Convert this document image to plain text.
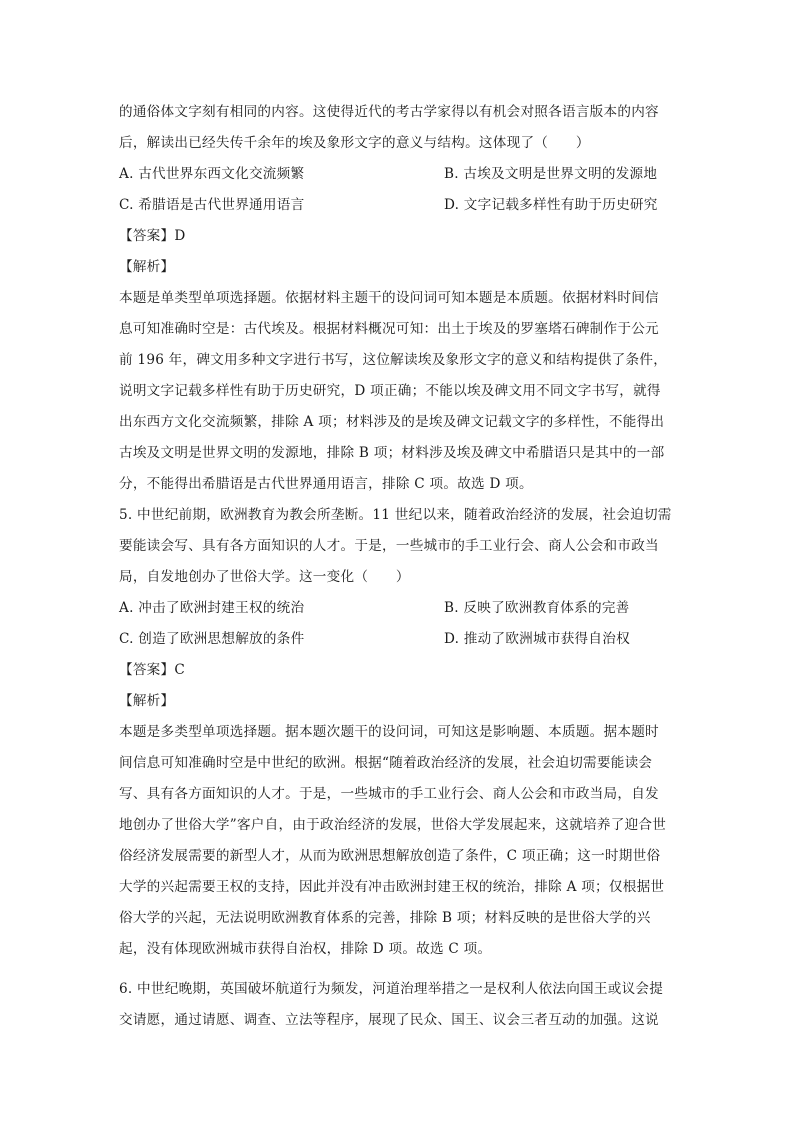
的通俗体文字刻有相同的内容。这使得近代的考古学家得以有机会对照各语言版本的内容
后，解读出已经失传千余年的埃及象形文字的意义与结构。这体现了（　　）
A. 古代世界东西文化交流频繁	B. 古埃及文明是世界文明的发源地
C. 希腊语是古代世界通用语言	D. 文字记载多样性有助于历史研究
【答案】D
【解析】
本题是单类型单项选择题。依据材料主题干的设问词可知本题是本质题。依据材料时间信
息可知准确时空是：古代埃及。根据材料概况可知：出土于埃及的罗塞塔石碑制作于公元
前 196 年，碑文用多种文字进行书写，这位解读埃及象形文字的意义和结构提供了条件，
说明文字记载多样性有助于历史研究，D 项正确；不能以埃及碑文用不同文字书写，就得
出东西方文化交流频繁，排除 A 项；材料涉及的是埃及碑文记载文字的多样性，不能得出
古埃及文明是世界文明的发源地，排除 B 项；材料涉及埃及碑文中希腊语只是其中的一部
分，不能得出希腊语是古代世界通用语言，排除 C 项。故选 D 项。
5. 中世纪前期，欧洲教育为教会所垄断。11 世纪以来，随着政治经济的发展，社会迫切需
要能读会写、具有各方面知识的人才。于是，一些城市的手工业行会、商人公会和市政当
局，自发地创办了世俗大学。这一变化（　　）
A. 冲击了欧洲封建王权的统治	B. 反映了欧洲教育体系的完善
C. 创造了欧洲思想解放的条件	D. 推动了欧洲城市获得自治权
【答案】C
【解析】
本题是多类型单项选择题。据本题次题干的设问词，可知这是影响题、本质题。据本题时
间信息可知准确时空是中世纪的欧洲。根据“随着政治经济的发展，社会迫切需要能读会
写、具有各方面知识的人才。于是，一些城市的手工业行会、商人公会和市政当局，自发
地创办了世俗大学”客户自，由于政治经济的发展，世俗大学发展起来，这就培养了迎合世
俗经济发展需要的新型人才，从而为欧洲思想解放创造了条件，C 项正确；这一时期世俗
大学的兴起需要王权的支持，因此并没有冲击欧洲封建王权的统治，排除 A 项；仅根据世
俗大学的兴起，无法说明欧洲教育体系的完善，排除 B 项；材料反映的是世俗大学的兴
起，没有体现欧洲城市获得自治权，排除 D 项。故选 C 项。
6. 中世纪晚期，英国破坏航道行为频发，河道治理举措之一是权利人依法向国王或议会提
交请愿，通过请愿、调查、立法等程序，展现了民众、国王、议会三者互动的加强。这说
